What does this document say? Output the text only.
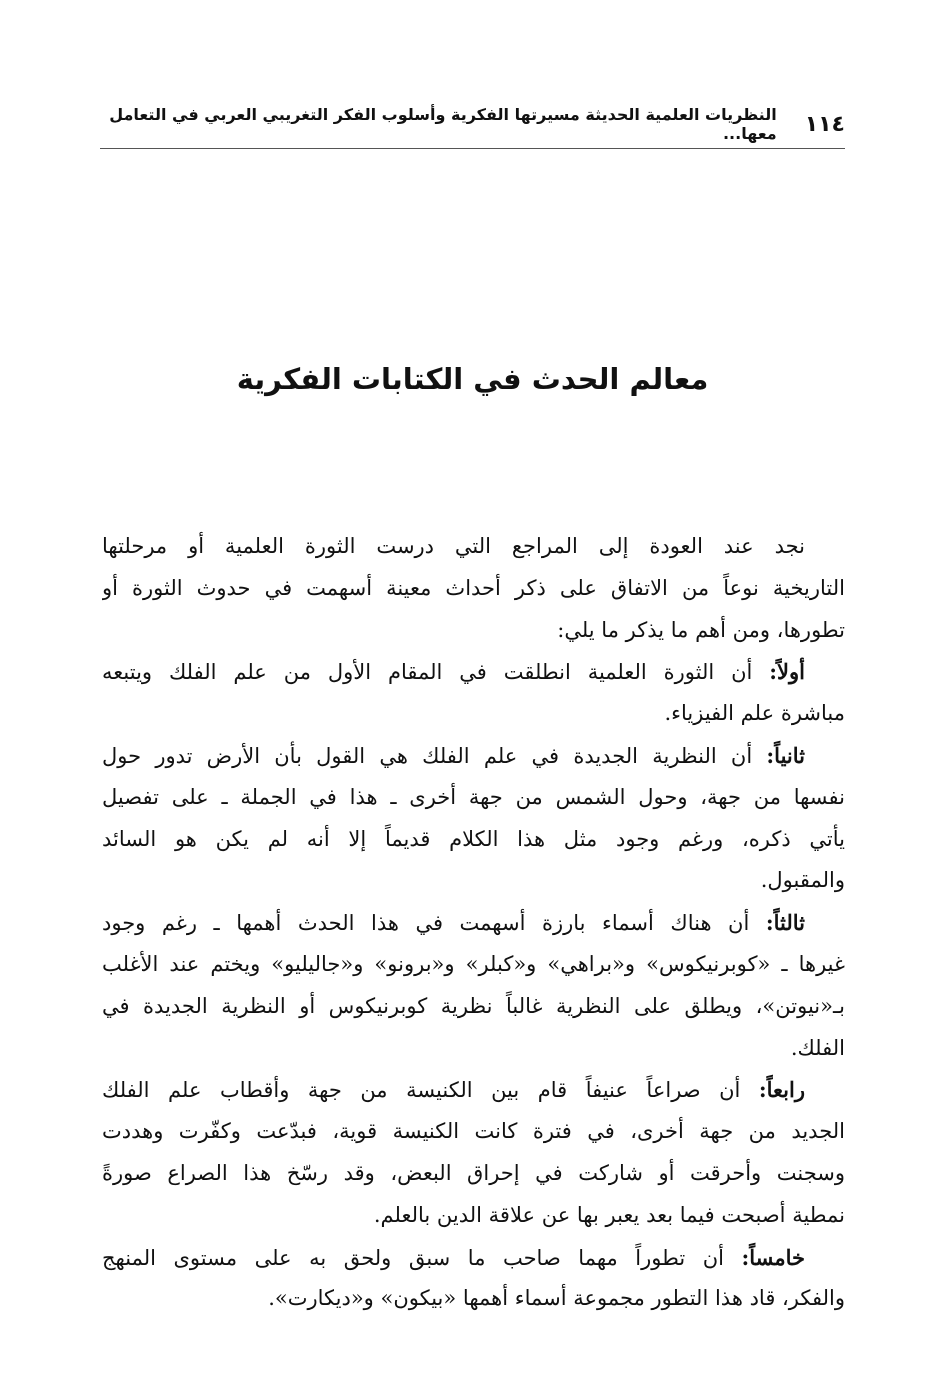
١١٤
النظريات العلمية الحديثة مسيرتها الفكرية وأسلوب الفكر التغريبي العربي في التعامل معها...
معالم الحدث في الكتابات الفكرية
نجد عند العودة إلى المراجع التي درست الثورة العلمية أو مرحلتها
التاريخية نوعاً من الاتفاق على ذكر أحداث معينة أسهمت في حدوث الثورة أو
تطورها، ومن أهم ما يذكر ما يلي:
أولاً: أن الثورة العلمية انطلقت في المقام الأول من علم الفلك ويتبعه
مباشرة علم الفيزياء.
ثانياً: أن النظرية الجديدة في علم الفلك هي القول بأن الأرض تدور حول
نفسها من جهة، وحول الشمس من جهة أخرى ـ هذا في الجملة ـ على تفصيل
يأتي ذكره، ورغم وجود مثل هذا الكلام قديماً إلا أنه لم يكن هو السائد
والمقبول.
ثالثاً: أن هناك أسماء بارزة أسهمت في هذا الحدث أهمها ـ رغم وجود
غيرها ـ «كوبرنيكوس» و«براهي» و«كبلر» و«برونو» و«جاليليو» ويختم عند الأغلب
بـ«نيوتن»، ويطلق على النظرية غالباً نظرية كوبرنيكوس أو النظرية الجديدة في
الفلك.
رابعاً: أن صراعاً عنيفاً قام بين الكنيسة من جهة وأقطاب علم الفلك
الجديد من جهة أخرى، في فترة كانت الكنيسة قوية، فبدّعت وكفّرت وهددت
وسجنت وأحرقت أو شاركت في إحراق البعض، وقد رسّخ هذا الصراع صورةً
نمطية أصبحت فيما بعد يعبر بها عن علاقة الدين بالعلم.
خامساً: أن تطوراً مهما صاحب ما سبق ولحق به على مستوى المنهج
والفكر، قاد هذا التطور مجموعة أسماء أهمها «بيكون» و«ديكارت».
